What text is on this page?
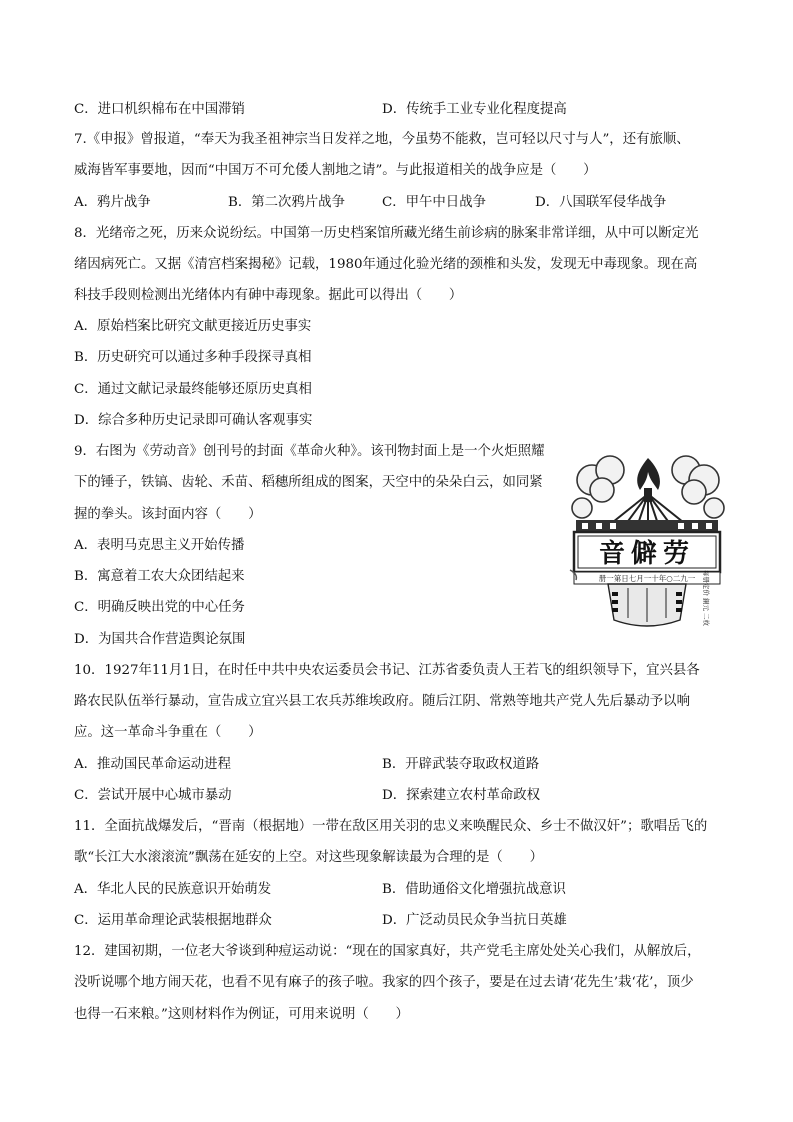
C．进口机织棉布在中国滞销	D．传统手工业专业化程度提高
7.《申报》曾报道，“奉天为我圣祖神宗当日发祥之地，今虽势不能救，岂可轻以尺寸与人”，还有旅顺、
威海皆军事要地，因而“中国万不可允倭人割地之请”。与此报道相关的战争应是（　　）
A．鸦片战争	B．第二次鸦片战争	C．甲午中日战争	D．八国联军侵华战争
8．光绪帝之死，历来众说纷纭。中国第一历史档案馆所藏光绪生前诊病的脉案非常详细，从中可以断定光
绪因病死亡。又据《清宫档案揭秘》记载，1980年通过化验光绪的颈椎和头发，发现无中毒现象。现在高
科技手段则检测出光绪体内有砷中毒现象。据此可以得出（　　）
A．原始档案比研究文献更接近历史事实
B．历史研究可以通过多种手段探寻真相
C．通过文献记录最终能够还原历史真相
D．综合多种历史记录即可确认客观事实
9．右图为《劳动音》创刊号的封面《革命火种》。该刊物封面上是一个火炬照耀
下的锤子，铁镐、齿轮、禾苗、稻穗所组成的图案，天空中的朵朵白云，如同紧
握的拳头。该封面内容（　　）
A．表明马克思主义开始传播
B．寓意着工农大众团结起来
C．明确反映出党的中心任务
D．为国共合作营造舆论氛围
音僻劳
册一第日七月一十年○二九一 每册定价 銅元 二枚
10．1927年11月1日，在时任中共中央农运委员会书记、江苏省委负责人王若飞的组织领导下，宜兴县各
路农民队伍举行暴动，宣告成立宜兴县工农兵苏维埃政府。随后江阴、常熟等地共产党人先后暴动予以响
应。这一革命斗争重在（　　）
A．推动国民革命运动进程	B．开辟武装夺取政权道路
C．尝试开展中心城市暴动	D．探索建立农村革命政权
11．全面抗战爆发后，“晋南（根据地）一带在敌区用关羽的忠义来唤醒民众、乡士不做汉奸”；歌唱岳飞的
歌“长江大水滚滚流”飘荡在延安的上空。对这些现象解读最为合理的是（　　）
A．华北人民的民族意识开始萌发	B．借助通俗文化增强抗战意识
C．运用革命理论武装根据地群众	D．广泛动员民众争当抗日英雄
12．建国初期，一位老大爷谈到种痘运动说：“现在的国家真好，共产党毛主席处处关心我们，从解放后，
没听说哪个地方闹天花，也看不见有麻子的孩子啦。我家的四个孩子，要是在过去请‘花先生’栽‘花’，顶少
也得一石来粮。”这则材料作为例证，可用来说明（　　）
